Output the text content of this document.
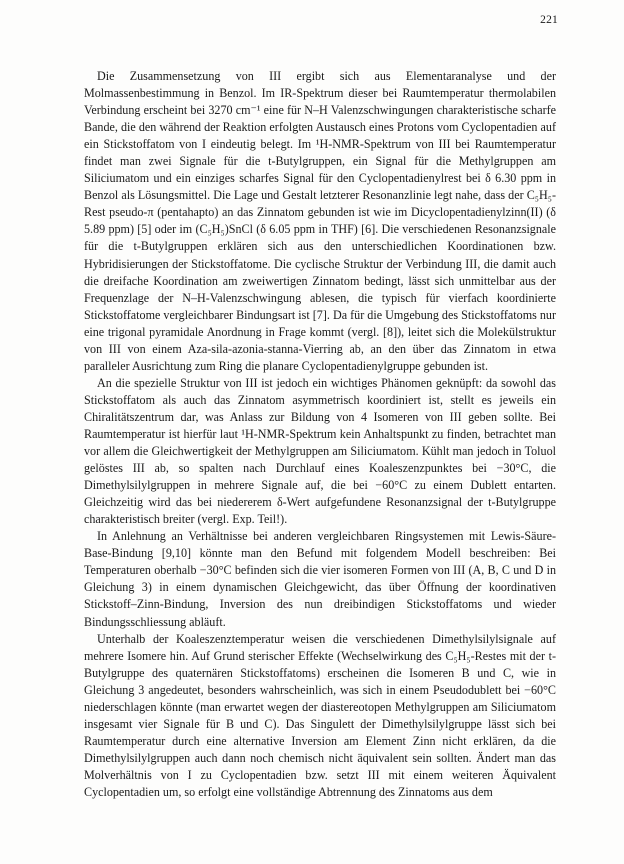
221

Die Zusammensetzung von III ergibt sich aus Elementaranalyse und der Molmassenbestimmung in Benzol. Im IR-Spektrum dieser bei Raumtemperatur thermolabilen Verbindung erscheint bei 3270 cm⁻¹ eine für N–H Valenzschwingungen charakteristische scharfe Bande, die den während der Reaktion erfolgten Austausch eines Protons vom Cyclopentadien auf ein Stickstoffatom von I eindeutig belegt. Im ¹H-NMR-Spektrum von III bei Raumtemperatur findet man zwei Signale für die t-Butylgruppen, ein Signal für die Methylgruppen am Siliciumatom und ein einziges scharfes Signal für den Cyclopentadienylrest bei δ 6.30 ppm in Benzol als Lösungsmittel. Die Lage und Gestalt letzterer Resonanzlinie legt nahe, dass der C₅H₅-Rest pseudo-π (pentahapto) an das Zinnatom gebunden ist wie im Dicyclopentadienylzinn(II) (δ 5.89 ppm) [5] oder im (C₅H₅)SnCl (δ 6.05 ppm in THF) [6]. Die verschiedenen Resonanzsignale für die t-Butylgruppen erklären sich aus den unterschiedlichen Koordinationen bzw. Hybridisierungen der Stickstoffatome. Die cyclische Struktur der Verbindung III, die damit auch die dreifache Koordination am zweiwertigen Zinnatom bedingt, lässt sich unmittelbar aus der Frequenzlage der N–H-Valenzschwingung ablesen, die typisch für vierfach koordinierte Stickstoffatome vergleichbarer Bindungsart ist [7]. Da für die Umgebung des Stickstoffatoms nur eine trigonal pyramidale Anordnung in Frage kommt (vergl. [8]), leitet sich die Molekülstruktur von III von einem Aza-sila-azonia-stanna-Vierring ab, an den über das Zinnatom in etwa paralleler Ausrichtung zum Ring die planare Cyclopentadienylgruppe gebunden ist.

An die spezielle Struktur von III ist jedoch ein wichtiges Phänomen geknüpft: da sowohl das Stickstoffatom als auch das Zinnatom asymmetrisch koordiniert ist, stellt es jeweils ein Chiralitätszentrum dar, was Anlass zur Bildung von 4 Isomeren von III geben sollte. Bei Raumtemperatur ist hierfür laut ¹H-NMR-Spektrum kein Anhaltspunkt zu finden, betrachtet man vor allem die Gleichwertigkeit der Methylgruppen am Siliciumatom. Kühlt man jedoch in Toluol gelöstes III ab, so spalten nach Durchlauf eines Koaleszenzpunktes bei −30°C, die Dimethylsilylgruppen in mehrere Signale auf, die bei −60°C zu einem Dublett entarten. Gleichzeitig wird das bei niedererem δ-Wert aufgefundene Resonanzsignal der t-Butylgruppe charakteristisch breiter (vergl. Exp. Teil!).

In Anlehnung an Verhältnisse bei anderen vergleichbaren Ringsystemen mit Lewis-Säure-Base-Bindung [9,10] könnte man den Befund mit folgendem Modell beschreiben: Bei Temperaturen oberhalb −30°C befinden sich die vier isomeren Formen von III (A, B, C und D in Gleichung 3) in einem dynamischen Gleichgewicht, das über Öffnung der koordinativen Stickstoff–Zinn-Bindung, Inversion des nun dreibindigen Stickstoffatoms und wieder Bindungsschliessung abläuft.

Unterhalb der Koaleszenztemperatur weisen die verschiedenen Dimethylsilylsignale auf mehrere Isomere hin. Auf Grund sterischer Effekte (Wechselwirkung des C₅H₅-Restes mit der t-Butylgruppe des quaternären Stickstoffatoms) erscheinen die Isomeren B und C, wie in Gleichung 3 angedeutet, besonders wahrscheinlich, was sich in einem Pseudodublett bei −60°C niederschlagen könnte (man erwartet wegen der diastereotopen Methylgruppen am Siliciumatom insgesamt vier Signale für B und C). Das Singulett der Dimethylsilylgruppe lässt sich bei Raumtemperatur durch eine alternative Inversion am Element Zinn nicht erklären, da die Dimethylsilylgruppen auch dann noch chemisch nicht äquivalent sein sollten. Ändert man das Molverhältnis von I zu Cyclopentadien bzw. setzt III mit einem weiteren Äquivalent Cyclopentadien um, so erfolgt eine vollständige Abtrennung des Zinnatoms aus dem
